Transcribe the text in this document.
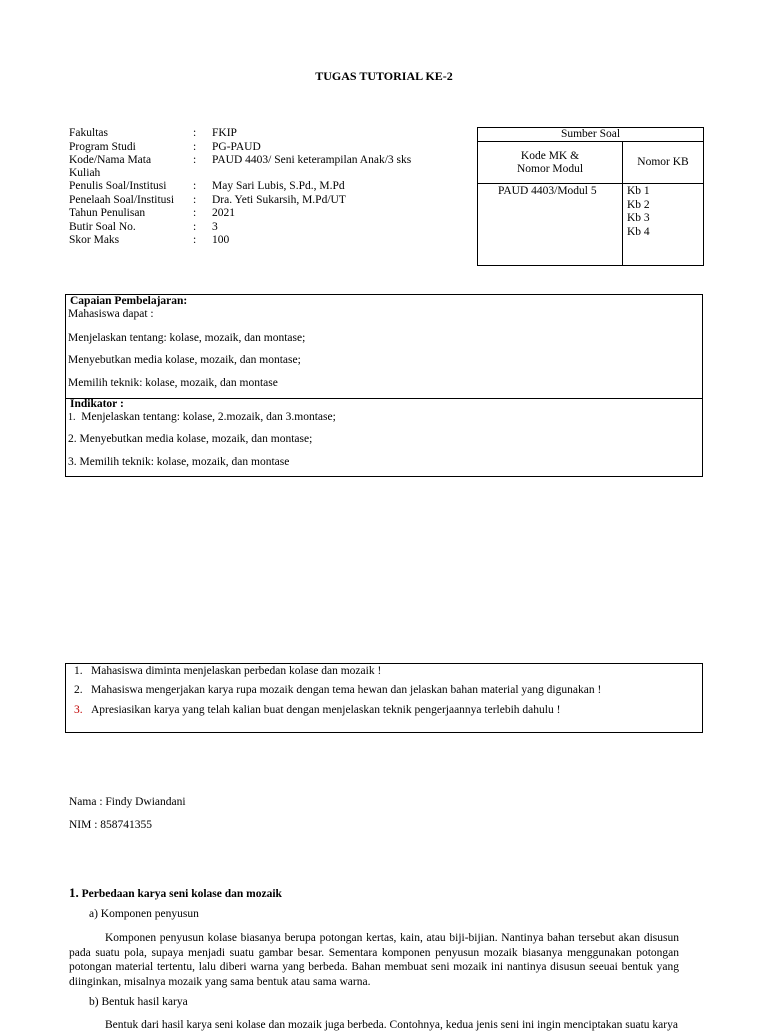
TUGAS TUTORIAL KE-2
Fakultas	:	FKIP
Program Studi	:	PG-PAUD
Kode/Nama Mata	:	PAUD 4403/ Seni keterampilan Anak/3 sks
Kuliah
Penulis Soal/Institusi	:	May Sari Lubis, S.Pd., M.Pd
Penelaah Soal/Institusi	:	Dra. Yeti Sukarsih, M.Pd/UT
Tahun Penulisan	:	2021
Butir Soal No.	:	3
Skor Maks	:	100
Sumber Soal	
Kode MK &
Nomor Modul	Nomor KB
PAUD 4403/Modul 5	Kb 1
Kb 2
Kb 3
Kb 4
Capaian Pembelajaran:
Mahasiswa dapat :
Menjelaskan tentang: kolase, mozaik, dan montase;
Menyebutkan media kolase, mozaik, dan montase;
Memilih teknik: kolase, mozaik, dan montase
Indikator :
1. Menjelaskan tentang: kolase, 2.mozaik, dan 3.montase;
2. Menyebutkan media kolase, mozaik, dan montase;
3. Memilih teknik: kolase, mozaik, dan montase
1. Mahasiswa diminta menjelaskan perbedan kolase dan mozaik !
2. Mahasiswa mengerjakan karya rupa mozaik dengan tema hewan dan jelaskan bahan material yang digunakan !
3. Apresiasikan karya yang telah kalian buat dengan menjelaskan teknik pengerjaannya terlebih dahulu !
Nama : Findy Dwiandani
NIM : 858741355
1. Perbedaan karya seni kolase dan mozaik
a) Komponen penyusun
Komponen penyusun kolase biasanya berupa potongan kertas, kain, atau biji-bijian. Nantinya bahan tersebut akan disusun pada suatu pola, supaya menjadi suatu gambar besar. Sementara komponen penyusun mozaik biasanya menggunakan potongan potongan material tertentu, lalu diberi warna yang berbeda. Bahan membuat seni mozaik ini nantinya disusun seeuai bentuk yang diinginkan, misalnya mozaik yang sama bentuk atau sama warna.
b) Bentuk hasil karya
Bentuk dari hasil karya seni kolase dan mozaik juga berbeda. Contohnya, kedua jenis seni ini ingin menciptakan suatu karya
